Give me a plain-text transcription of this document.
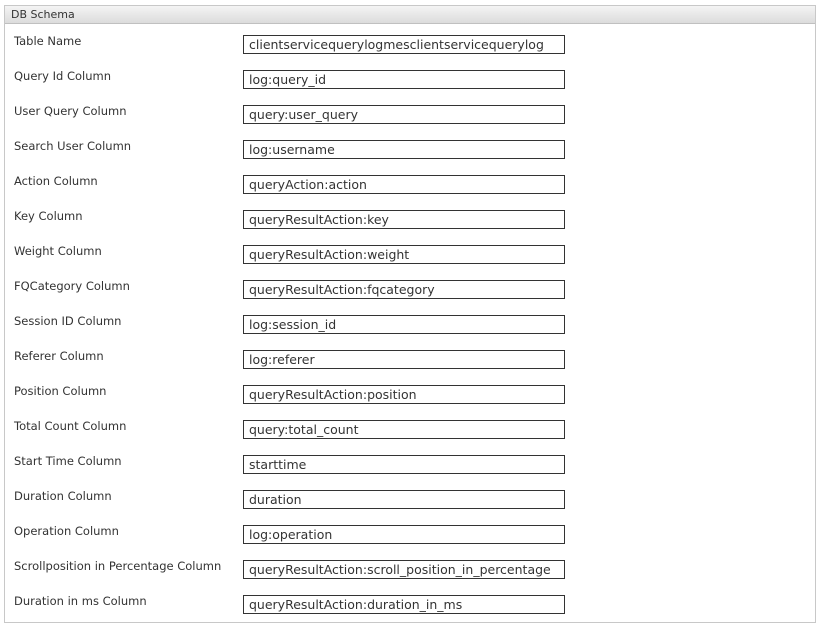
DB Schema
Table Name
clientservicequerylogmesclientservicequerylog
Query Id Column
log:query_id
User Query Column
query:user_query
Search User Column
log:username
Action Column
queryAction:action
Key Column
queryResultAction:key
Weight Column
queryResultAction:weight
FQCategory Column
queryResultAction:fqcategory
Session ID Column
log:session_id
Referer Column
log:referer
Position Column
queryResultAction:position
Total Count Column
query:total_count
Start Time Column
starttime
Duration Column
duration
Operation Column
log:operation
Scrollposition in Percentage Column
queryResultAction:scroll_position_in_percentage
Duration in ms Column
queryResultAction:duration_in_ms
